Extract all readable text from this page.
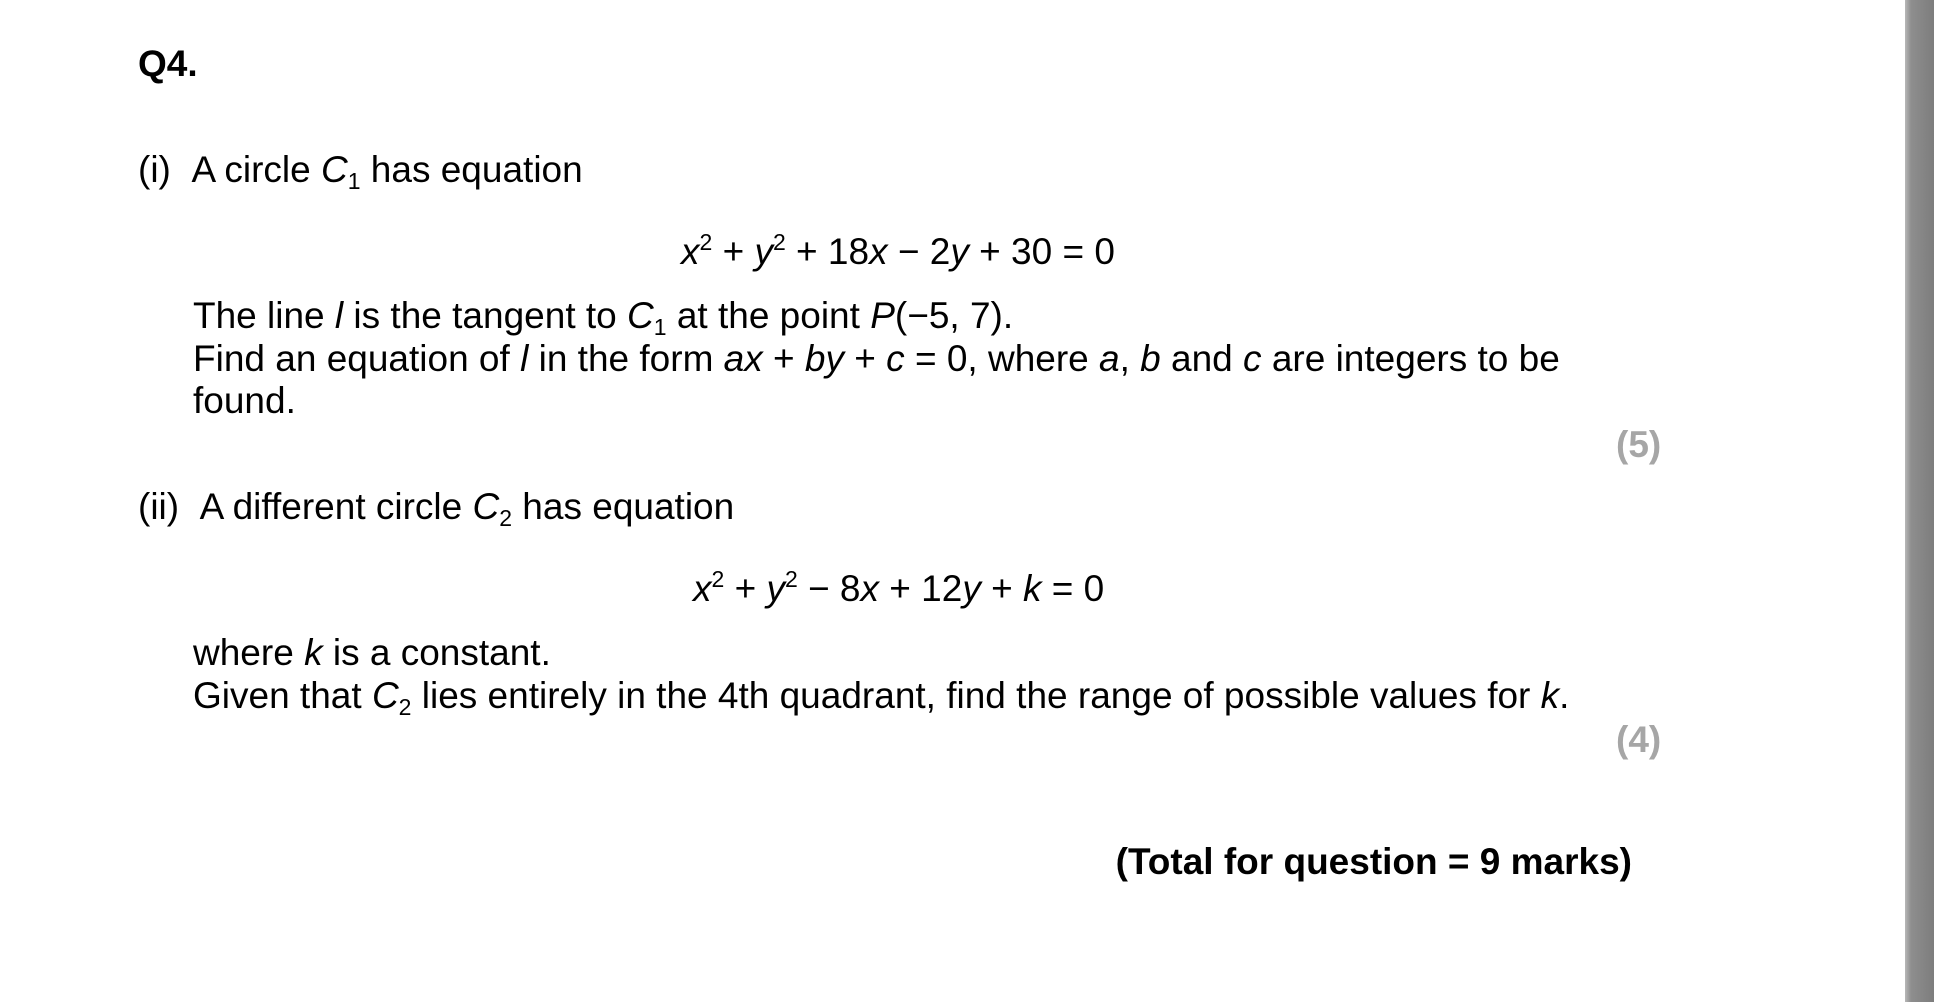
Q4.
(i) A circle $C_1$ has equation
$x^2 + y^2 + 18x - 2y + 30 = 0$
The line l is the tangent to $C_1$ at the point P(−5, 7).
Find an equation of l in the form ax + by + c = 0, where a, b and c are integers to be
found.
(5)
(ii) A different circle $C_2$ has equation
$x^2 + y^2 - 8x + 12y + k = 0$
where k is a constant.
Given that $C_2$ lies entirely in the 4th quadrant, find the range of possible values for k.
(4)
(Total for question = 9 marks)
